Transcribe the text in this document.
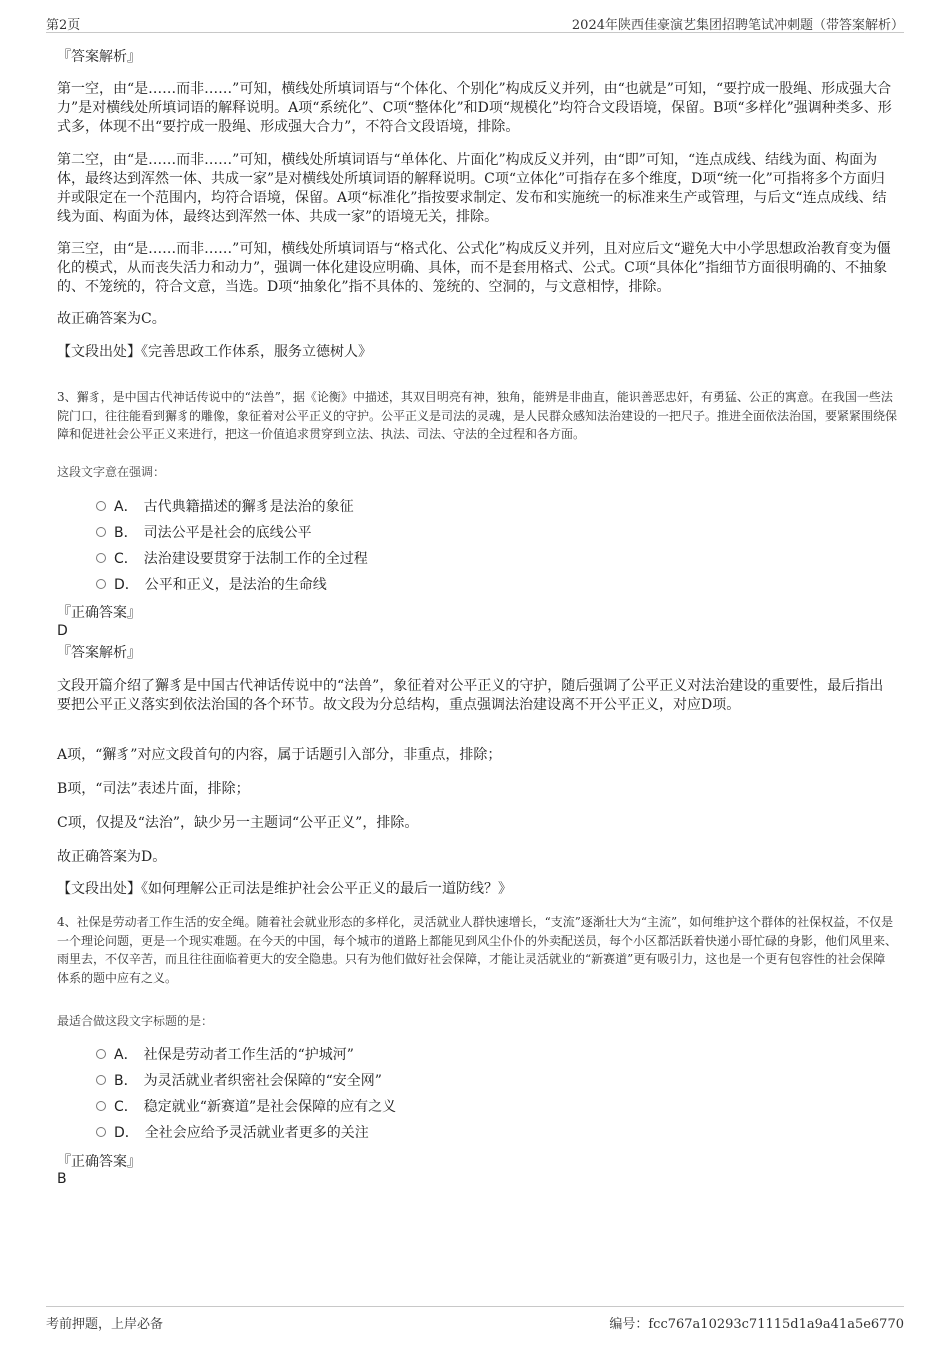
第2页	2024年陕西佳豪演艺集团招聘笔试冲刺题（带答案解析）
『答案解析』
第一空，由“是……而非……”可知，横线处所填词语与“个体化、个别化”构成反义并列，由“也就是”可知，“要拧成一股绳、形成强大合力”是对横线处所填词语的解释说明。A项“系统化”、C项“整体化”和D项“规模化”均符合文段语境，保留。B项“多样化”强调种类多、形式多，体现不出“要拧成一股绳、形成强大合力”，不符合文段语境，排除。
第二空，由“是……而非……”可知，横线处所填词语与“单体化、片面化”构成反义并列，由“即”可知，“连点成线、结线为面、构面为体，最终达到浑然一体、共成一家”是对横线处所填词语的解释说明。C项“立体化”可指存在多个维度，D项“统一化”可指将多个方面归并或限定在一个范围内，均符合语境，保留。A项“标准化”指按要求制定、发布和实施统一的标准来生产或管理，与后文“连点成线、结线为面、构面为体，最终达到浑然一体、共成一家”的语境无关，排除。
第三空，由“是……而非……”可知，横线处所填词语与“格式化、公式化”构成反义并列，且对应后文“避免大中小学思想政治教育变为僵化的模式，从而丧失活力和动力”，强调一体化建设应明确、具体，而不是套用格式、公式。C项“具体化”指细节方面很明确的、不抽象的、不笼统的，符合文意，当选。D项“抽象化”指不具体的、笼统的、空洞的，与文意相悖，排除。
故正确答案为C。
【文段出处】《完善思政工作体系，服务立德树人》
3、獬豸，是中国古代神话传说中的“法兽”，据《论衡》中描述，其双目明亮有神，独角，能辨是非曲直，能识善恶忠奸，有勇猛、公正的寓意。在我国一些法院门口，往往能看到獬豸的雕像，象征着对公平正义的守护。公平正义是司法的灵魂，是人民群众感知法治建设的一把尺子。推进全面依法治国，要紧紧围绕保障和促进社会公平正义来进行，把这一价值追求贯穿到立法、执法、司法、守法的全过程和各方面。
这段文字意在强调：
A． 古代典籍描述的獬豸是法治的象征
B． 司法公平是社会的底线公平
C． 法治建设要贯穿于法制工作的全过程
D． 公平和正义，是法治的生命线
『正确答案』
D
『答案解析』
文段开篇介绍了獬豸是中国古代神话传说中的“法兽”，象征着对公平正义的守护，随后强调了公平正义对法治建设的重要性，最后指出要把公平正义落实到依法治国的各个环节。故文段为分总结构，重点强调法治建设离不开公平正义，对应D项。
A项，“獬豸”对应文段首句的内容，属于话题引入部分，非重点，排除；
B项，“司法”表述片面，排除；
C项，仅提及“法治”，缺少另一主题词“公平正义”，排除。
故正确答案为D。
【文段出处】《如何理解公正司法是维护社会公平正义的最后一道防线？》
4、社保是劳动者工作生活的安全绳。随着社会就业形态的多样化，灵活就业人群快速增长，“支流”逐渐壮大为“主流”，如何维护这个群体的社保权益，不仅是一个理论问题，更是一个现实难题。在今天的中国，每个城市的道路上都能见到风尘仆仆的外卖配送员，每个小区都活跃着快递小哥忙碌的身影，他们风里来、雨里去，不仅辛苦，而且往往面临着更大的安全隐患。只有为他们做好社会保障，才能让灵活就业的“新赛道”更有吸引力，这也是一个更有包容性的社会保障体系的题中应有之义。
最适合做这段文字标题的是：
A． 社保是劳动者工作生活的“护城河”
B． 为灵活就业者织密社会保障的“安全网”
C． 稳定就业“新赛道”是社会保障的应有之义
D． 全社会应给予灵活就业者更多的关注
『正确答案』
B
考前押题，上岸必备	编号：fcc767a10293c71115d1a9a41a5e6770
